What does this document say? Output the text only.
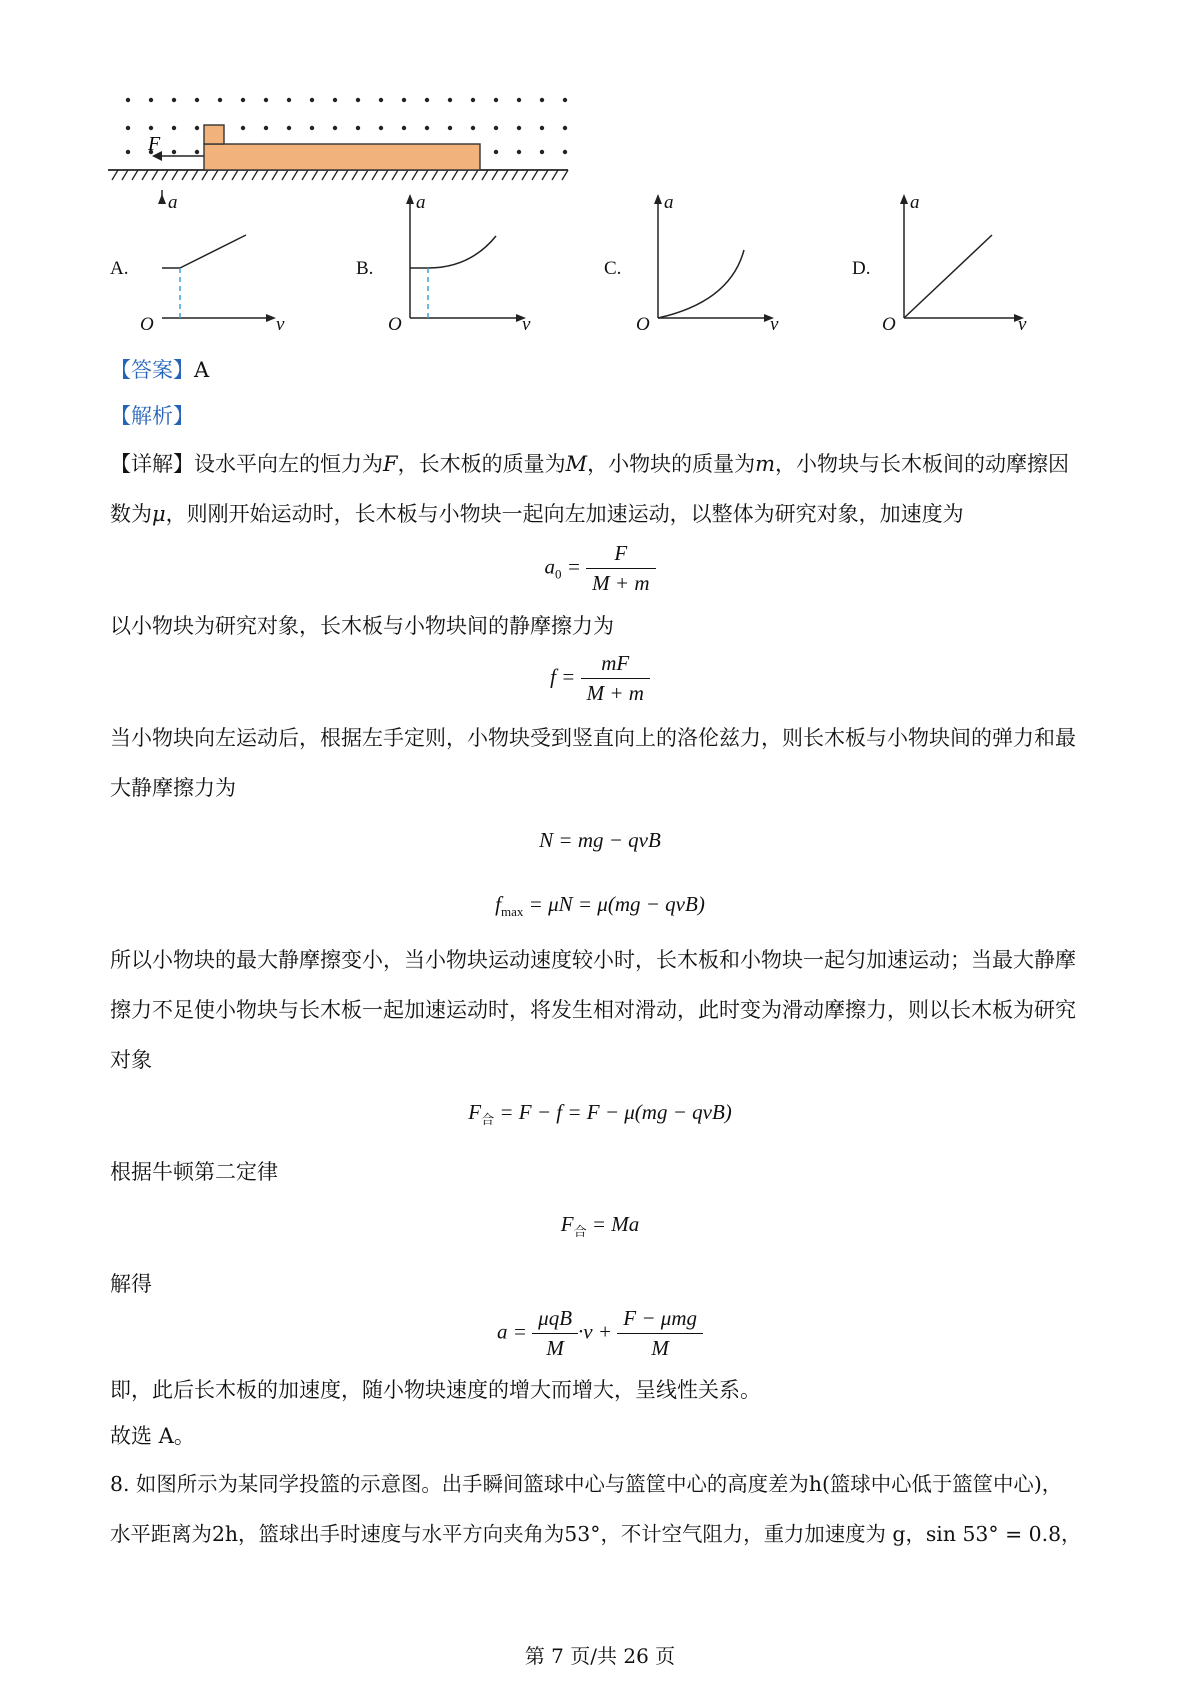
F
A.
a
O	v
B.
a
O	v
C.
a
O	v
D.
a
O	v
【答案】A
【解析】
【详解】设水平向左的恒力为F，长木板的质量为M，小物块的质量为m，小物块与长木板间的动摩擦因
数为μ，则刚开始运动时，长木板与小物块一起向左加速运动，以整体为研究对象，加速度为
$a_0 = \frac{F}{M + m}$
以小物块为研究对象，长木板与小物块间的静摩擦力为
$f = \frac{mF}{M + m}$
当小物块向左运动后，根据左手定则，小物块受到竖直向上的洛伦兹力，则长木板与小物块间的弹力和最
大静摩擦力为
N = mg − qvB
$f_{max} = \mu N = \mu(mg - qvB)$
所以小物块的最大静摩擦变小，当小物块运动速度较小时，长木板和小物块一起匀加速运动；当最大静摩
擦力不足使小物块与长木板一起加速运动时，将发生相对滑动，此时变为滑动摩擦力，则以长木板为研究
对象
$F_合 = F - f = F - \mu(mg - qvB)$
根据牛顿第二定律
$F_合 = Ma$
解得
$a = \frac{\text{μqB}}{M} \cdot v + \frac{\text{F − μmg}}{M}$
即，此后长木板的加速度，随小物块速度的增大而增大，呈线性关系。
故选 A。
8. 如图所示为某同学投篮的示意图。出手瞬间篮球中心与篮筐中心的高度差为h(篮球中心低于篮筐中心)，
水平距离为2h，篮球出手时速度与水平方向夹角为53°，不计空气阻力，重力加速度为 g，sin 53° = 0.8，
第 7 页/共 26 页
